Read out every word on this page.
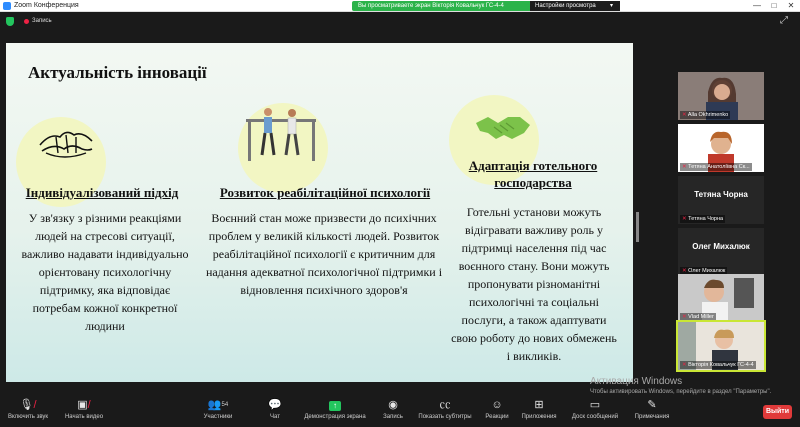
Zoom Конференция	Вы просматриваете экран Вікторія Ковальчук ГС-4-4	Настройки просмотра ▾	—	□	✕
Запись	⤢
Актуальність інновації
Індивідуалізований підхід
У зв'язку з різними реакціями людей на стресові ситуації, важливо надавати індивідуально орієнтовану психологічну підтримку, яка відповідає потребам кожної конкретної людини
Розвиток реабілітаційної психології
Воєнний стан може призвести до психічних проблем у великій кількості людей. Розвиток реабілітаційної психології є критичним для надання адекватної психологічної підтримки і відновлення психічного здоров'я
Адаптація готельного господарства
Готельні установи можуть відігравати важливу роль у підтримці населення під час воєнного стану. Вони можуть пропонувати різноманітні психологічні та соціальні послуги, а також адаптувати свою роботу до нових обмежень і викликів.
✕ Alla Okhrimenko
✕ Тетяна Анатоліївна Ск...
Тетяна Чорна
✕ Тетяна Чорна
Олег Михалюк
✕ Олег Михалюк
✕ Vlad Miller
✕ Вікторія Ковальчук ГС-4-4
Активация Windows
Чтобы активировать Windows, перейдите в раздел "Параметры".
🎙/
Включить звук
▣/
Начать видео
👥$^{54}$
Участники
💬
Чат
↑
Демонстрация экрана
◉
Запись
㏄
Показать субтитры
☺
Реакции
⊞
Приложения
▭
Доск сообщений
✎
Примечания
Выйти
